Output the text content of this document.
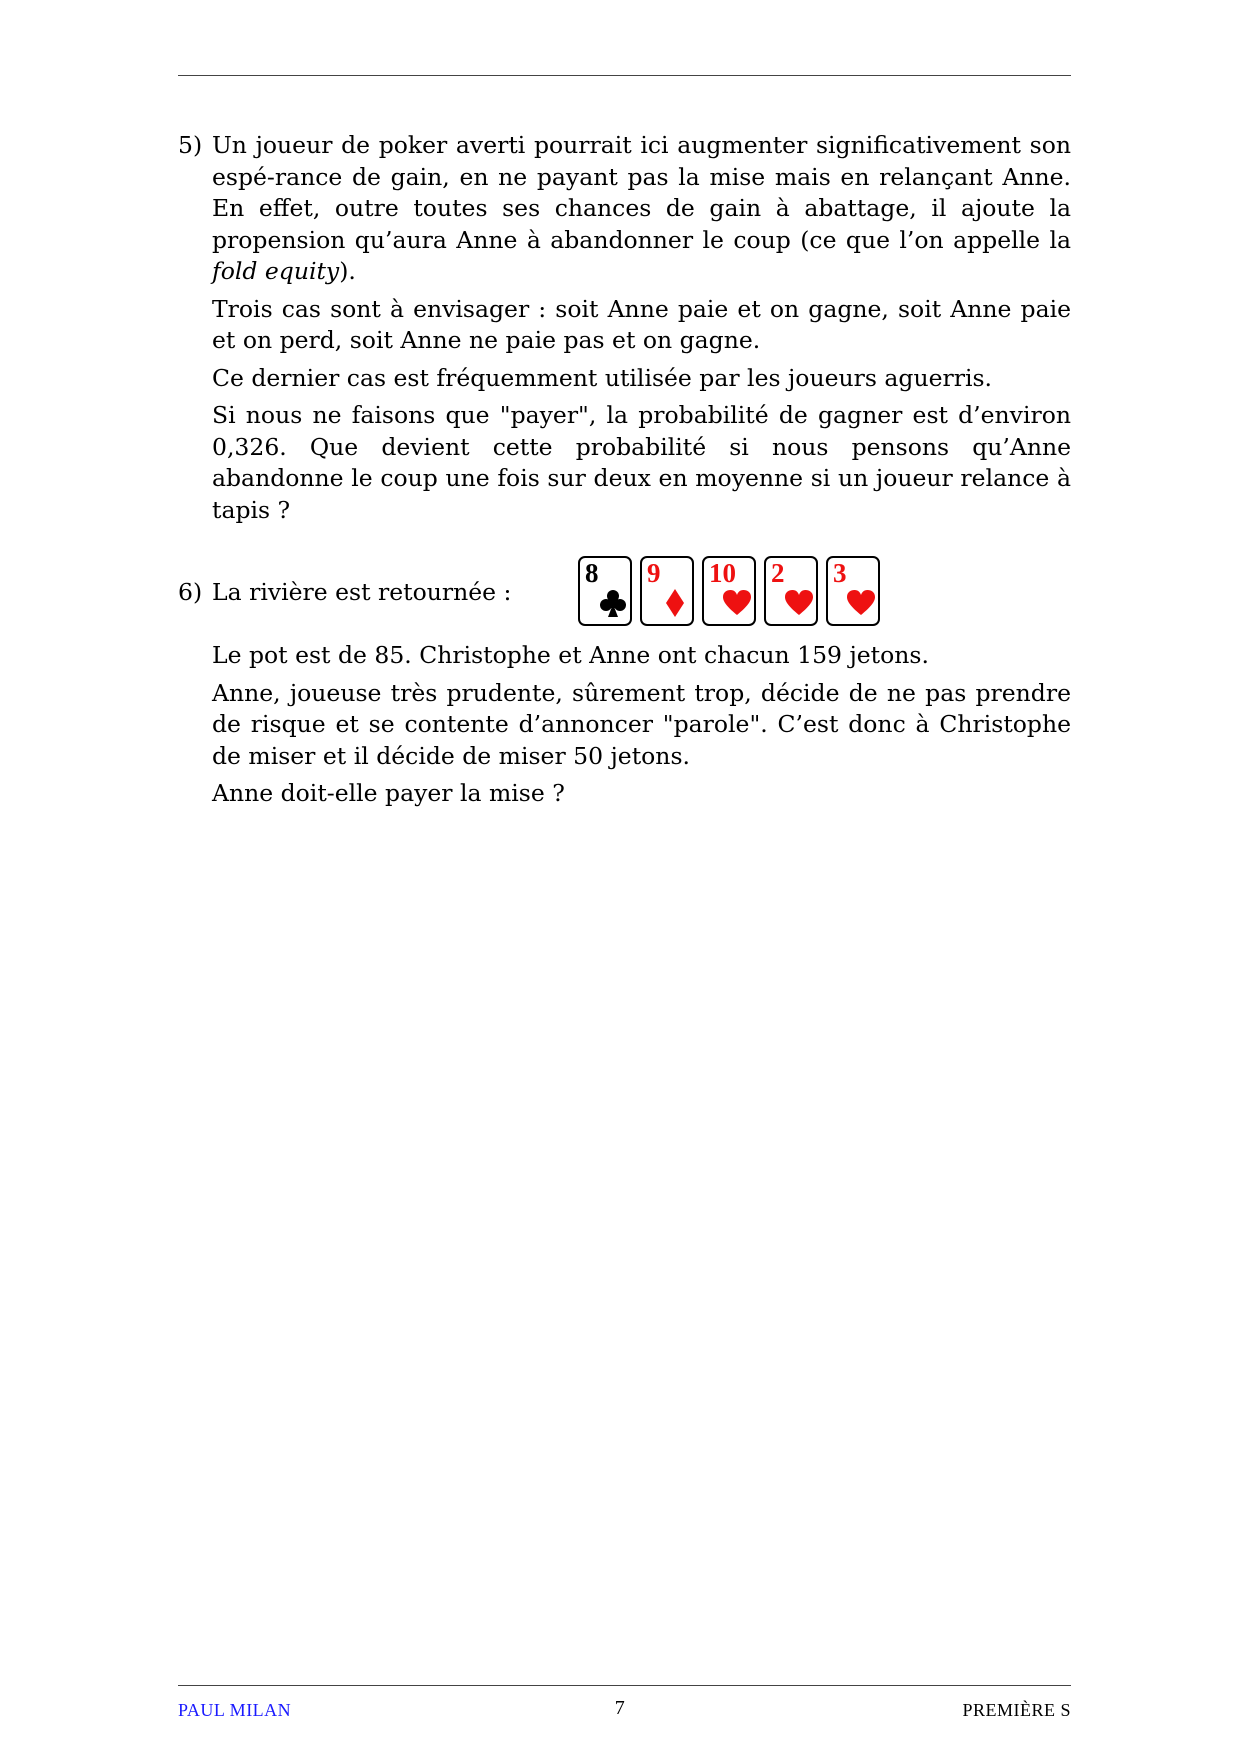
5) Un joueur de poker averti pourrait ici augmenter significativement son espé-rance de gain, en ne payant pas la mise mais en relançant Anne. En effet, outre toutes ses chances de gain à abattage, il ajoute la propension qu’aura Anne à abandonner le coup (ce que l’on appelle la fold equity).

Trois cas sont à envisager : soit Anne paie et on gagne, soit Anne paie et on perd, soit Anne ne paie pas et on gagne.

Ce dernier cas est fréquemment utilisée par les joueurs aguerris.

Si nous ne faisons que "payer", la probabilité de gagner est d’environ 0,326. Que devient cette probabilité si nous pensons qu’Anne abandonne le coup une fois sur deux en moyenne si un joueur relance à tapis ?

6) La rivière est retournée :
8 9 10 2 3

Le pot est de 85. Christophe et Anne ont chacun 159 jetons.

Anne, joueuse très prudente, sûrement trop, décide de ne pas prendre de risque et se contente d’annoncer "parole". C’est donc à Christophe de miser et il décide de miser 50 jetons.

Anne doit-elle payer la mise ?

PAUL MILAN	7	PREMIÈRE S
